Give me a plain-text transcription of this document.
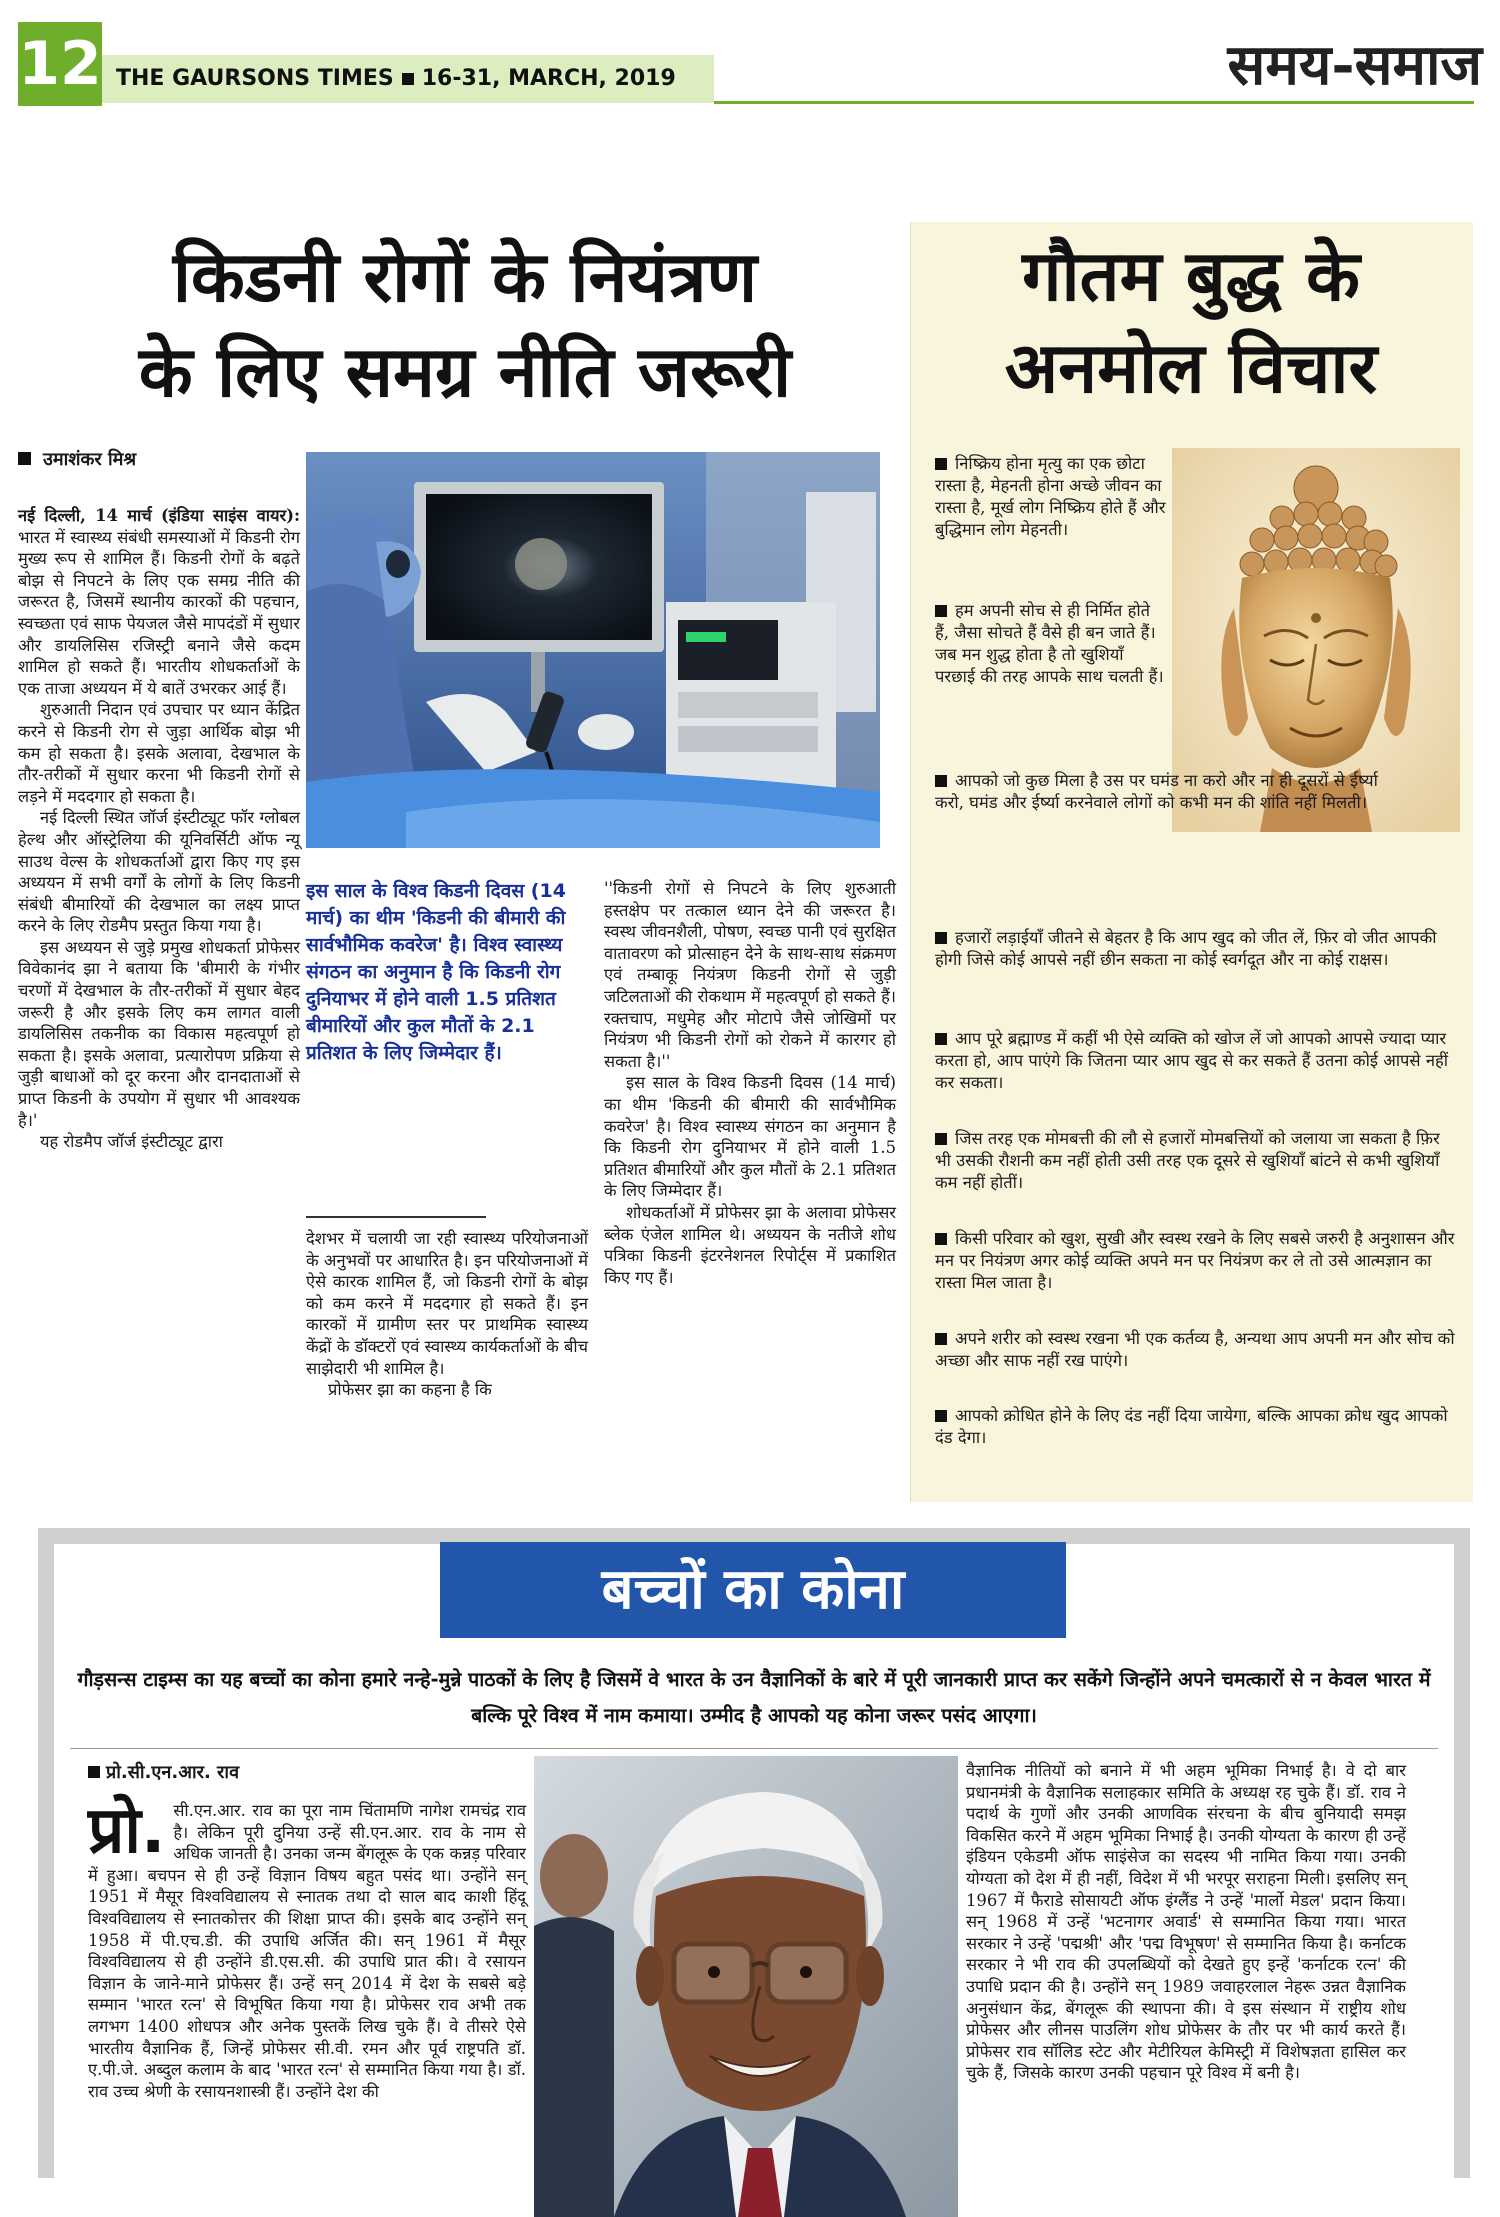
12 THE GAURSONS TIMES 16-31, MARCH, 2019	समय-समाज
किडनी रोगों के नियंत्रण
के लिए समग्र नीति जरूरी
उमाशंकर मिश्र

नई दिल्ली, 14 मार्च (इंडिया साइंस वायर): भारत में स्वास्थ्य संबंधी समस्याओं में किडनी रोग मुख्य रूप से शामिल हैं। किडनी रोगों के बढ़ते बोझ से निपटने के लिए एक समग्र नीति की जरूरत है, जिसमें स्थानीय कारकों की पहचान, स्वच्छता एवं साफ पेयजल जैसे मापदंडों में सुधार और डायलिसिस रजिस्ट्री बनाने जैसे कदम शामिल हो सकते हैं। भारतीय शोधकर्ताओं के एक ताजा अध्ययन में ये बातें उभरकर आई हैं।

शुरुआती निदान एवं उपचार पर ध्यान केंद्रित करने से किडनी रोग से जुड़ा आर्थिक बोझ भी कम हो सकता है। इसके अलावा, देखभाल के तौर-तरीकों में सुधार करना भी किडनी रोगों से लड़ने में मददगार हो सकता है।

नई दिल्ली स्थित जॉर्ज इंस्टीट्यूट फॉर ग्लोबल हेल्थ और ऑस्ट्रेलिया की यूनिवर्सिटी ऑफ न्यू साउथ वेल्स के शोधकर्ताओं द्वारा किए गए इस अध्ययन में सभी वर्गों के लोगों के लिए किडनी संबंधी बीमारियों की देखभाल का लक्ष्य प्राप्त करने के लिए रोडमैप प्रस्तुत किया गया है।

इस अध्ययन से जुड़े प्रमुख शोधकर्ता प्रोफेसर विवेकानंद झा ने बताया कि 'बीमारी के गंभीर चरणों में देखभाल के तौर-तरीकों में सुधार बेहद जरूरी है और इसके लिए कम लागत वाली डायलिसिस तकनीक का विकास महत्वपूर्ण हो सकता है। इसके अलावा, प्रत्यारोपण प्रक्रिया से जुड़ी बाधाओं को दूर करना और दानदाताओं से प्राप्त किडनी के उपयोग में सुधार भी आवश्यक है।'

यह रोडमैप जॉर्ज इंस्टीट्यूट द्वारा

इस साल के विश्व किडनी दिवस (14 मार्च) का थीम 'किडनी की बीमारी की सार्वभौमिक कवरेज' है। विश्व स्वास्थ्य संगठन का अनुमान है कि किडनी रोग दुनियाभर में होने वाली 1.5 प्रतिशत बीमारियों और कुल मौतों के 2.1 प्रतिशत के लिए जिम्मेदार हैं।

देशभर में चलायी जा रही स्वास्थ्य परियोजनाओं के अनुभवों पर आधारित है। इन परियोजनाओं में ऐसे कारक शामिल हैं, जो किडनी रोगों के बोझ को कम करने में मददगार हो सकते हैं। इन कारकों में ग्रामीण स्तर पर प्राथमिक स्वास्थ्य केंद्रों के डॉक्टरों एवं स्वास्थ्य कार्यकर्ताओं के बीच साझेदारी भी शामिल है।

प्रोफेसर झा का कहना है कि

''किडनी रोगों से निपटने के लिए शुरुआती हस्तक्षेप पर तत्काल ध्यान देने की जरूरत है। स्वस्थ जीवनशैली, पोषण, स्वच्छ पानी एवं सुरक्षित वातावरण को प्रोत्साहन देने के साथ-साथ संक्रमण एवं तम्बाकू नियंत्रण किडनी रोगों से जुड़ी जटिलताओं की रोकथाम में महत्वपूर्ण हो सकते हैं। रक्तचाप, मधुमेह और मोटापे जैसे जोखिमों पर नियंत्रण भी किडनी रोगों को रोकने में कारगर हो सकता है।''

इस साल के विश्व किडनी दिवस (14 मार्च) का थीम 'किडनी की बीमारी की सार्वभौमिक कवरेज' है। विश्व स्वास्थ्य संगठन का अनुमान है कि किडनी रोग दुनियाभर में होने वाली 1.5 प्रतिशत बीमारियों और कुल मौतों के 2.1 प्रतिशत के लिए जिम्मेदार हैं।

शोधकर्ताओं में प्रोफेसर झा के अलावा प्रोफेसर ब्लेक एंजेल शामिल थे। अध्ययन के नतीजे शोध पत्रिका किडनी इंटरनेशनल रिपोर्ट्स में प्रकाशित किए गए हैं।

गौतम बुद्ध के
अनमोल विचार
निष्क्रिय होना मृत्यु का एक छोटा रास्ता है, मेहनती होना अच्छे जीवन का रास्ता है, मूर्ख लोग निष्क्रिय होते हैं और बुद्धिमान लोग मेहनती।
हम अपनी सोच से ही निर्मित होते हैं, जैसा सोचते हैं वैसे ही बन जाते हैं। जब मन शुद्ध होता है तो खुशियाँ परछाई की तरह आपके साथ चलती हैं।
आपको जो कुछ मिला है उस पर घमंड ना करो और ना ही दूसरों से ईर्ष्या करो, घमंड और ईर्ष्या करनेवाले लोगों को कभी मन की शांति नहीं मिलती।
हजारों लड़ाईयाँ जीतने से बेहतर है कि आप खुद को जीत लें, फ़िर वो जीत आपकी होगी जिसे कोई आपसे नहीं छीन सकता ना कोई स्वर्गदूत और ना कोई राक्षस।
आप पूरे ब्रह्माण्ड में कहीं भी ऐसे व्यक्ति को खोज लें जो आपको आपसे ज्यादा प्यार करता हो, आप पाएंगे कि जितना प्यार आप खुद से कर सकते हैं उतना कोई आपसे नहीं कर सकता।
जिस तरह एक मोमबत्ती की लौ से हजारों मोमबत्तियों को जलाया जा सकता है फ़िर भी उसकी रौशनी कम नहीं होती उसी तरह एक दूसरे से खुशियाँ बांटने से कभी खुशियाँ कम नहीं होतीं।
किसी परिवार को खुश, सुखी और स्वस्थ रखने के लिए सबसे जरुरी है अनुशासन और मन पर नियंत्रण अगर कोई व्यक्ति अपने मन पर नियंत्रण कर ले तो उसे आत्मज्ञान का रास्ता मिल जाता है।
अपने शरीर को स्वस्थ रखना भी एक कर्तव्य है, अन्यथा आप अपनी मन और सोच को अच्छा और साफ नहीं रख पाएंगे।
आपको क्रोधित होने के लिए दंड नहीं दिया जायेगा, बल्कि आपका क्रोध खुद आपको दंड देगा।
बच्चों का कोना
गौड़सन्स टाइम्स का यह बच्चों का कोना हमारे नन्हे-मुन्ने पाठकों के लिए है जिसमें वे भारत के उन वैज्ञानिकों के बारे में पूरी जानकारी प्राप्त कर सकेंगे जिन्होंने अपने चमत्कारों से न केवल भारत में बल्कि पूरे विश्व में नाम कमाया। उम्मीद है आपको यह कोना जरूर पसंद आएगा।
प्रो.सी.एन.आर. राव
प्रो. सी.एन.आर. राव का पूरा नाम चिंतामणि नागेश रामचंद्र राव है। लेकिन पूरी दुनिया उन्हें सी.एन.आर. राव के नाम से अधिक जानती है। उनका जन्म बेंगलूरू के एक कन्नड़ परिवार में हुआ। बचपन से ही उन्हें विज्ञान विषय बहुत पसंद था। उन्होंने सन् 1951 में मैसूर विश्वविद्यालय से स्नातक तथा दो साल बाद काशी हिंदू विश्वविद्यालय से स्नातकोत्तर की शिक्षा प्राप्त की। इसके बाद उन्होंने सन् 1958 में पी.एच.डी. की उपाधि अर्जित की। सन् 1961 में मैसूर विश्वविद्यालय से ही उन्होंने डी.एस.सी. की उपाधि प्रात की। वे रसायन विज्ञान के जाने-माने प्रोफेसर हैं। उन्हें सन् 2014 में देश के सबसे बड़े सम्मान 'भारत रत्न' से विभूषित किया गया है। प्रोफेसर राव अभी तक लगभग 1400 शोधपत्र और अनेक पुस्तकें लिख चुके हैं। वे तीसरे ऐसे भारतीय वैज्ञानिक हैं, जिन्हें प्रोफेसर सी.वी. रमन और पूर्व राष्ट्रपति डॉ. ए.पी.जे. अब्दुल कलाम के बाद 'भारत रत्न' से सम्मानित किया गया है। डॉ. राव उच्च श्रेणी के रसायनशास्त्री हैं। उन्होंने देश की

वैज्ञानिक नीतियों को बनाने में भी अहम भूमिका निभाई है। वे दो बार प्रधानमंत्री के वैज्ञानिक सलाहकार समिति के अध्यक्ष रह चुके हैं। डॉ. राव ने पदार्थ के गुणों और उनकी आणविक संरचना के बीच बुनियादी समझ विकसित करने में अहम भूमिका निभाई है। उनकी योग्यता के कारण ही उन्हें इंडियन एकेडमी ऑफ साइंसेज का सदस्य भी नामित किया गया। उनकी योग्यता को देश में ही नहीं, विदेश में भी भरपूर सराहना मिली। इसलिए सन् 1967 में फैराडे सोसायटी ऑफ इंग्लैंड ने उन्हें 'मार्लो मेडल' प्रदान किया। सन् 1968 में उन्हें 'भटनागर अवार्ड' से सम्मानित किया गया। भारत सरकार ने उन्हें 'पद्मश्री' और 'पद्म विभूषण' से सम्मानित किया है। कर्नाटक सरकार ने भी राव की उपलब्धियों को देखते हुए इन्हें 'कर्नाटक रत्न' की उपाधि प्रदान की है। उन्होंने सन् 1989 जवाहरलाल नेहरू उन्नत वैज्ञानिक अनुसंधान केंद्र, बेंगलूरू की स्थापना की। वे इस संस्थान में राष्ट्रीय शोध प्रोफेसर और लीनस पाउलिंग शोध प्रोफेसर के तौर पर भी कार्य करते हैं। प्रोफेसर राव सॉलिड स्टेट और मेटीरियल केमिस्ट्री में विशेषज्ञता हासिल कर चुके हैं, जिसके कारण उनकी पहचान पूरे विश्व में बनी है।
